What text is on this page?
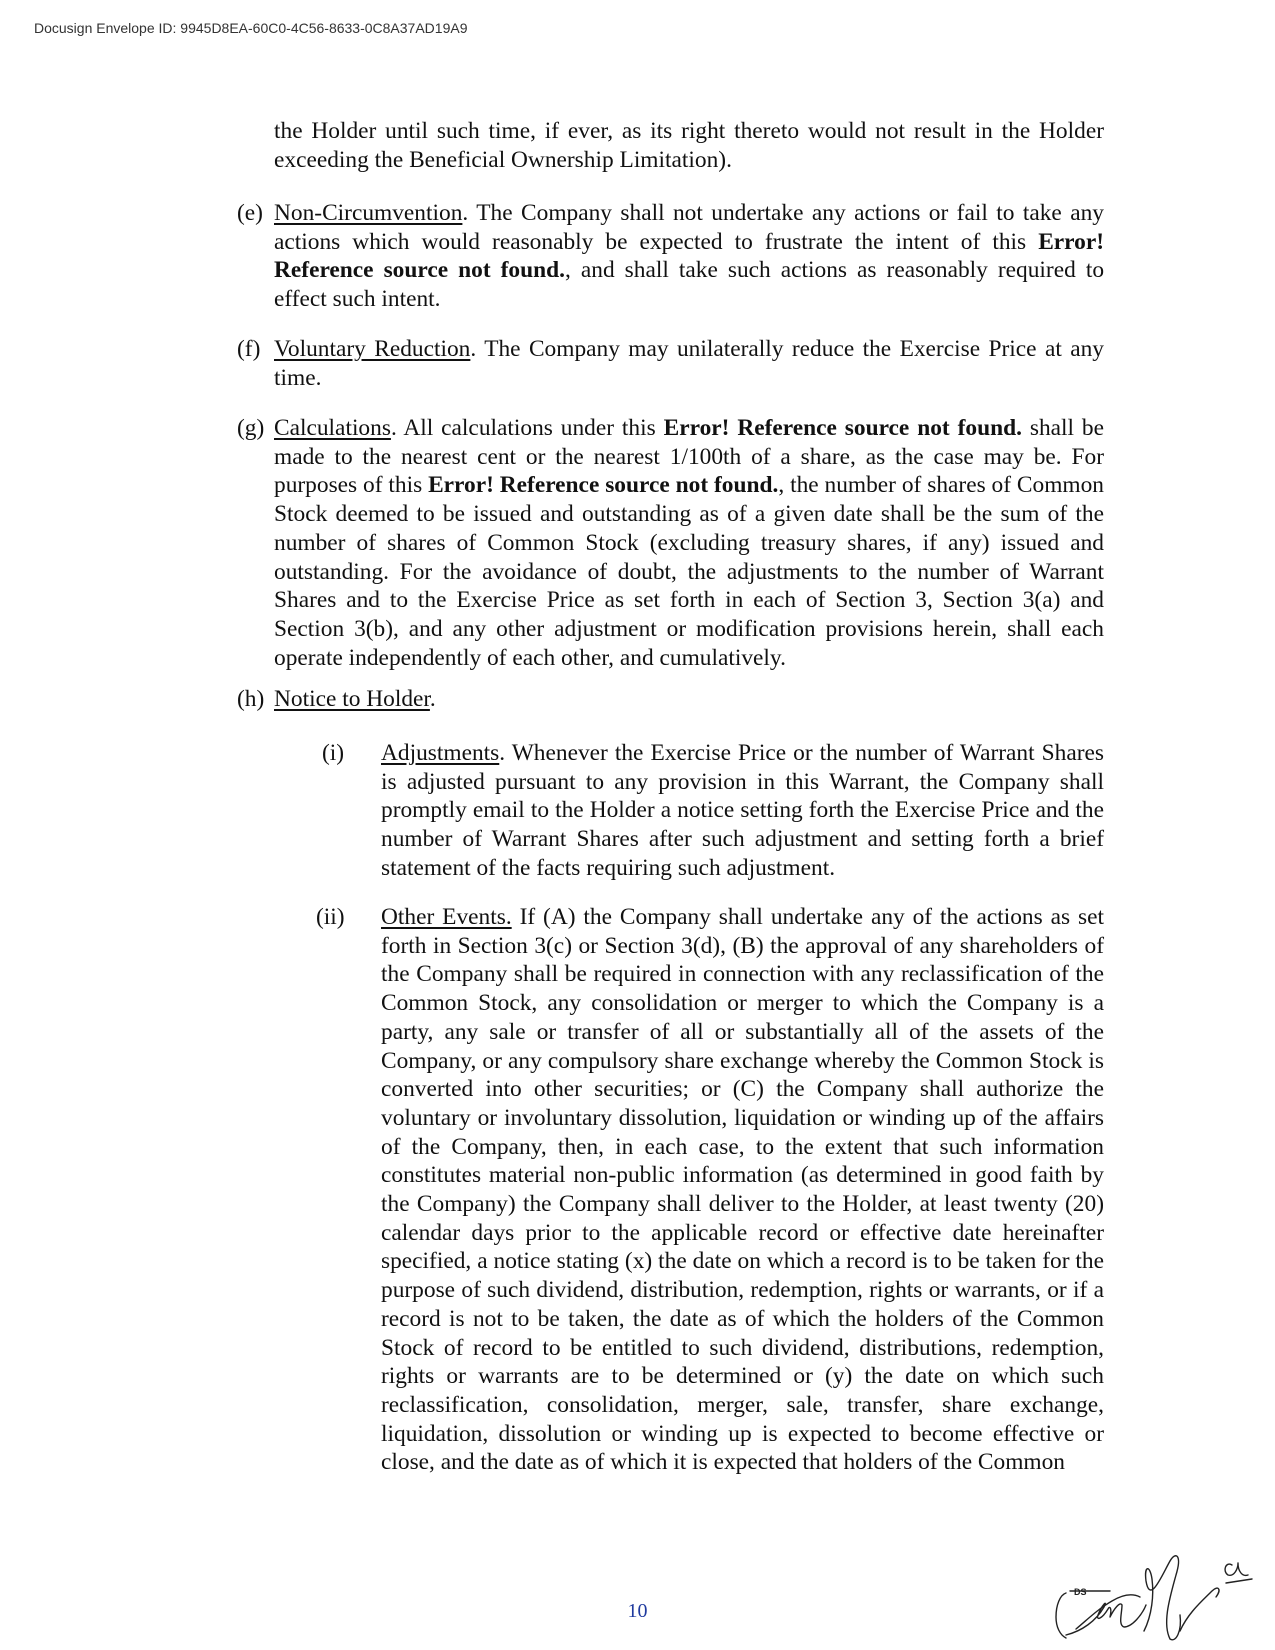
Docusign Envelope ID: 9945D8EA-60C0-4C56-8633-0C8A37AD19A9
the Holder until such time, if ever, as its right thereto would not result in the Holder exceeding the Beneficial Ownership Limitation).
(e) Non-Circumvention. The Company shall not undertake any actions or fail to take any actions which would reasonably be expected to frustrate the intent of this Error! Reference source not found., and shall take such actions as reasonably required to effect such intent.
(f) Voluntary Reduction. The Company may unilaterally reduce the Exercise Price at any time.
(g) Calculations. All calculations under this Error! Reference source not found. shall be made to the nearest cent or the nearest 1/100th of a share, as the case may be. For purposes of this Error! Reference source not found., the number of shares of Common Stock deemed to be issued and outstanding as of a given date shall be the sum of the number of shares of Common Stock (excluding treasury shares, if any) issued and outstanding. For the avoidance of doubt, the adjustments to the number of Warrant Shares and to the Exercise Price as set forth in each of Section 3, Section 3(a) and Section 3(b), and any other adjustment or modification provisions herein, shall each operate independently of each other, and cumulatively.
(h) Notice to Holder.
(i) Adjustments. Whenever the Exercise Price or the number of Warrant Shares is adjusted pursuant to any provision in this Warrant, the Company shall promptly email to the Holder a notice setting forth the Exercise Price and the number of Warrant Shares after such adjustment and setting forth a brief statement of the facts requiring such adjustment.
(ii) Other Events. If (A) the Company shall undertake any of the actions as set forth in Section 3(c) or Section 3(d), (B) the approval of any shareholders of the Company shall be required in connection with any reclassification of the Common Stock, any consolidation or merger to which the Company is a party, any sale or transfer of all or substantially all of the assets of the Company, or any compulsory share exchange whereby the Common Stock is converted into other securities; or (C) the Company shall authorize the voluntary or involuntary dissolution, liquidation or winding up of the affairs of the Company, then, in each case, to the extent that such information constitutes material non-public information (as determined in good faith by the Company) the Company shall deliver to the Holder, at least twenty (20) calendar days prior to the applicable record or effective date hereinafter specified, a notice stating (x) the date on which a record is to be taken for the purpose of such dividend, distribution, redemption, rights or warrants, or if a record is not to be taken, the date as of which the holders of the Common Stock of record to be entitled to such dividend, distributions, redemption, rights or warrants are to be determined or (y) the date on which such reclassification, consolidation, merger, sale, transfer, share exchange, liquidation, dissolution or winding up is expected to become effective or close, and the date as of which it is expected that holders of the Common
10
DS
